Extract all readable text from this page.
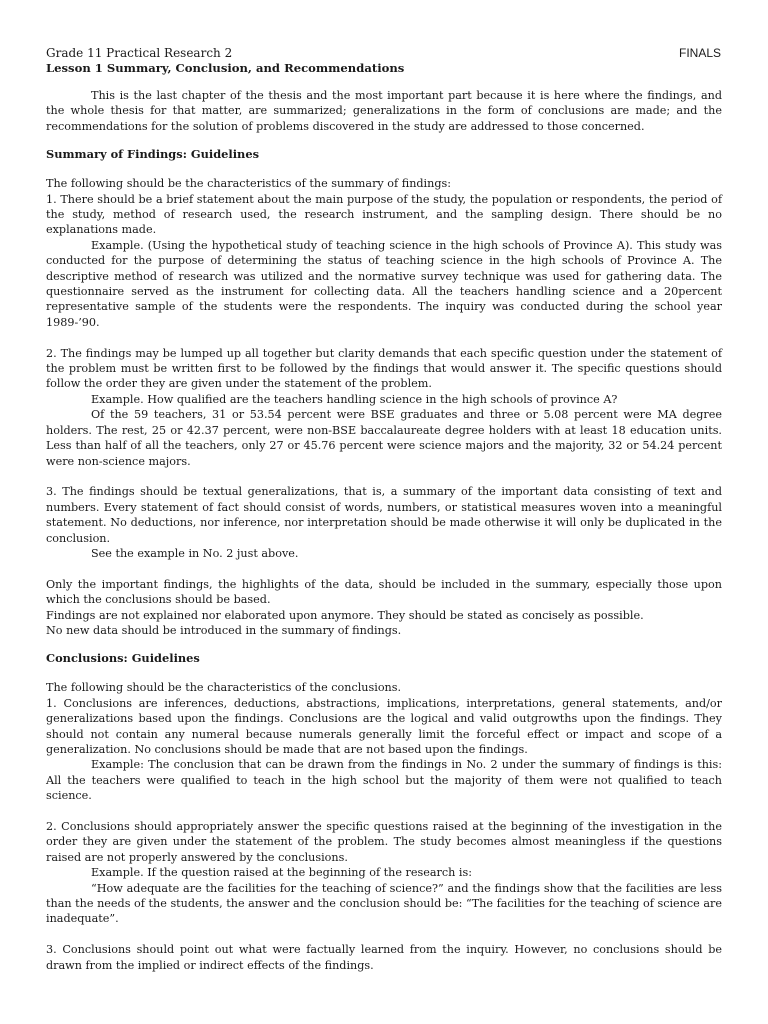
Grade 11 Practical Research 2	FINALS
Lesson 1 Summary, Conclusion, and Recommendations

This is the last chapter of the thesis and the most important part because it is here where the findings, and the whole thesis for that matter, are summarized; generalizations in the form of conclusions are made; and the recommendations for the solution of problems discovered in the study are addressed to those concerned.

Summary of Findings: Guidelines

The following should be the characteristics of the summary of findings:

1. There should be a brief statement about the main purpose of the study, the population or respondents, the period of the study, method of research used, the research instrument, and the sampling design. There should be no explanations made.

Example. (Using the hypothetical study of teaching science in the high schools of Province A). This study was conducted for the purpose of determining the status of teaching science in the high schools of Province A. The descriptive method of research was utilized and the normative survey technique was used for gathering data. The questionnaire served as the instrument for collecting data. All the teachers handling science and a 20percent representative sample of the students were the respondents. The inquiry was conducted during the school year 1989-’90.

2. The findings may be lumped up all together but clarity demands that each specific question under the statement of the problem must be written first to be followed by the findings that would answer it. The specific questions should follow the order they are given under the statement of the problem.

Example. How qualified are the teachers handling science in the high schools of province A?

Of the 59 teachers, 31 or 53.54 percent were BSE graduates and three or 5.08 percent were MA degree holders. The rest, 25 or 42.37 percent, were non-BSE baccalaureate degree holders with at least 18 education units. Less than half of all the teachers, only 27 or 45.76 percent were science majors and the majority, 32 or 54.24 percent were non-science majors.

3. The findings should be textual generalizations, that is, a summary of the important data consisting of text and numbers. Every statement of fact should consist of words, numbers, or statistical measures woven into a meaningful statement. No deductions, nor inference, nor interpretation should be made otherwise it will only be duplicated in the conclusion.

See the example in No. 2 just above.

Only the important findings, the highlights of the data, should be included in the summary, especially those upon which the conclusions should be based.

Findings are not explained nor elaborated upon anymore. They should be stated as concisely as possible.

No new data should be introduced in the summary of findings.

Conclusions: Guidelines

The following should be the characteristics of the conclusions.

1. Conclusions are inferences, deductions, abstractions, implications, interpretations, general statements, and/or generalizations based upon the findings. Conclusions are the logical and valid outgrowths upon the findings. They should not contain any numeral because numerals generally limit the forceful effect or impact and scope of a generalization. No conclusions should be made that are not based upon the findings.

Example: The conclusion that can be drawn from the findings in No. 2 under the summary of findings is this: All the teachers were qualified to teach in the high school but the majority of them were not qualified to teach science.

2. Conclusions should appropriately answer the specific questions raised at the beginning of the investigation in the order they are given under the statement of the problem. The study becomes almost meaningless if the questions raised are not properly answered by the conclusions.

Example. If the question raised at the beginning of the research is:

“How adequate are the facilities for the teaching of science?” and the findings show that the facilities are less than the needs of the students, the answer and the conclusion should be: “The facilities for the teaching of science are inadequate”.

3. Conclusions should point out what were factually learned from the inquiry. However, no conclusions should be drawn from the implied or indirect effects of the findings.
